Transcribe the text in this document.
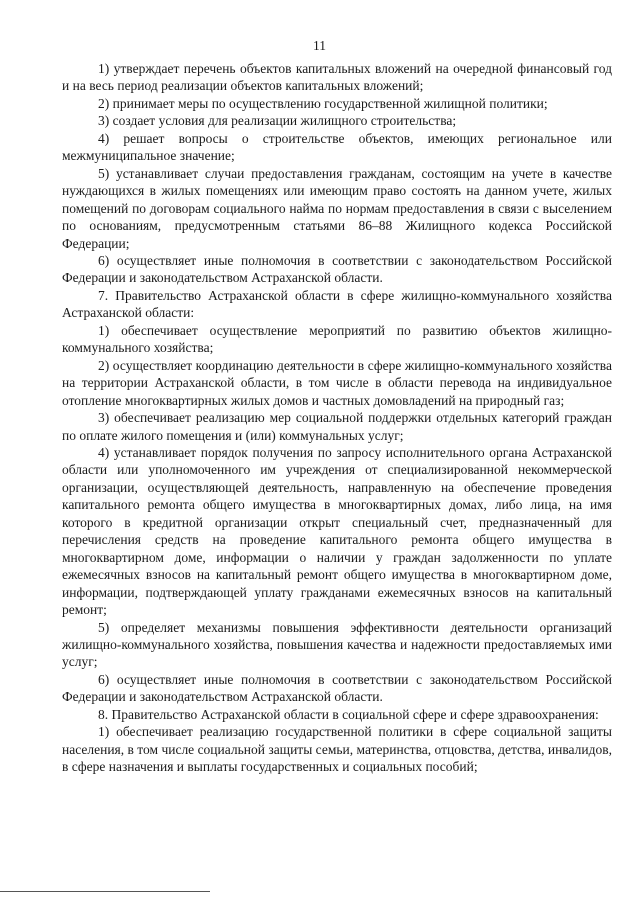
11

1) утверждает перечень объектов капитальных вложений на очередной финансовый год и на весь период реализации объектов капитальных вложений;

2) принимает меры по осуществлению государственной жилищной политики;

3) создает условия для реализации жилищного строительства;

4) решает вопросы о строительстве объектов, имеющих региональное или межмуниципальное значение;

5) устанавливает случаи предоставления гражданам, состоящим на учете в качестве нуждающихся в жилых помещениях или имеющим право состоять на данном учете, жилых помещений по договорам социального найма по нормам предоставления в связи с выселением по основаниям, предусмотренным статьями 86–88 Жилищного кодекса Российской Федерации;

6) осуществляет иные полномочия в соответствии с законодательством Российской Федерации и законодательством Астраханской области.

7. Правительство Астраханской области в сфере жилищно-коммунального хозяйства Астраханской области:

1) обеспечивает осуществление мероприятий по развитию объектов жилищно-коммунального хозяйства;

2) осуществляет координацию деятельности в сфере жилищно-коммунального хозяйства на территории Астраханской области, в том числе в области перевода на индивидуальное отопление многоквартирных жилых домов и частных домовладений на природный газ;

3) обеспечивает реализацию мер социальной поддержки отдельных категорий граждан по оплате жилого помещения и (или) коммунальных услуг;

4) устанавливает порядок получения по запросу исполнительного органа Астраханской области или уполномоченного им учреждения от специализированной некоммерческой организации, осуществляющей деятельность, направленную на обеспечение проведения капитального ремонта общего имущества в многоквартирных домах, либо лица, на имя которого в кредитной организации открыт специальный счет, предназначенный для перечисления средств на проведение капитального ремонта общего имущества в многоквартирном доме, информации о наличии у граждан задолженности по уплате ежемесячных взносов на капитальный ремонт общего имущества в многоквартирном доме, информации, подтверждающей уплату гражданами ежемесячных взносов на капитальный ремонт;

5) определяет механизмы повышения эффективности деятельности организаций жилищно-коммунального хозяйства, повышения качества и надежности предоставляемых ими услуг;

6) осуществляет иные полномочия в соответствии с законодательством Российской Федерации и законодательством Астраханской области.

8. Правительство Астраханской области в социальной сфере и сфере здравоохранения:

1) обеспечивает реализацию государственной политики в сфере социальной защиты населения, в том числе социальной защиты семьи, материнства, отцовства, детства, инвалидов, в сфере назначения и выплаты государственных и социальных пособий;
